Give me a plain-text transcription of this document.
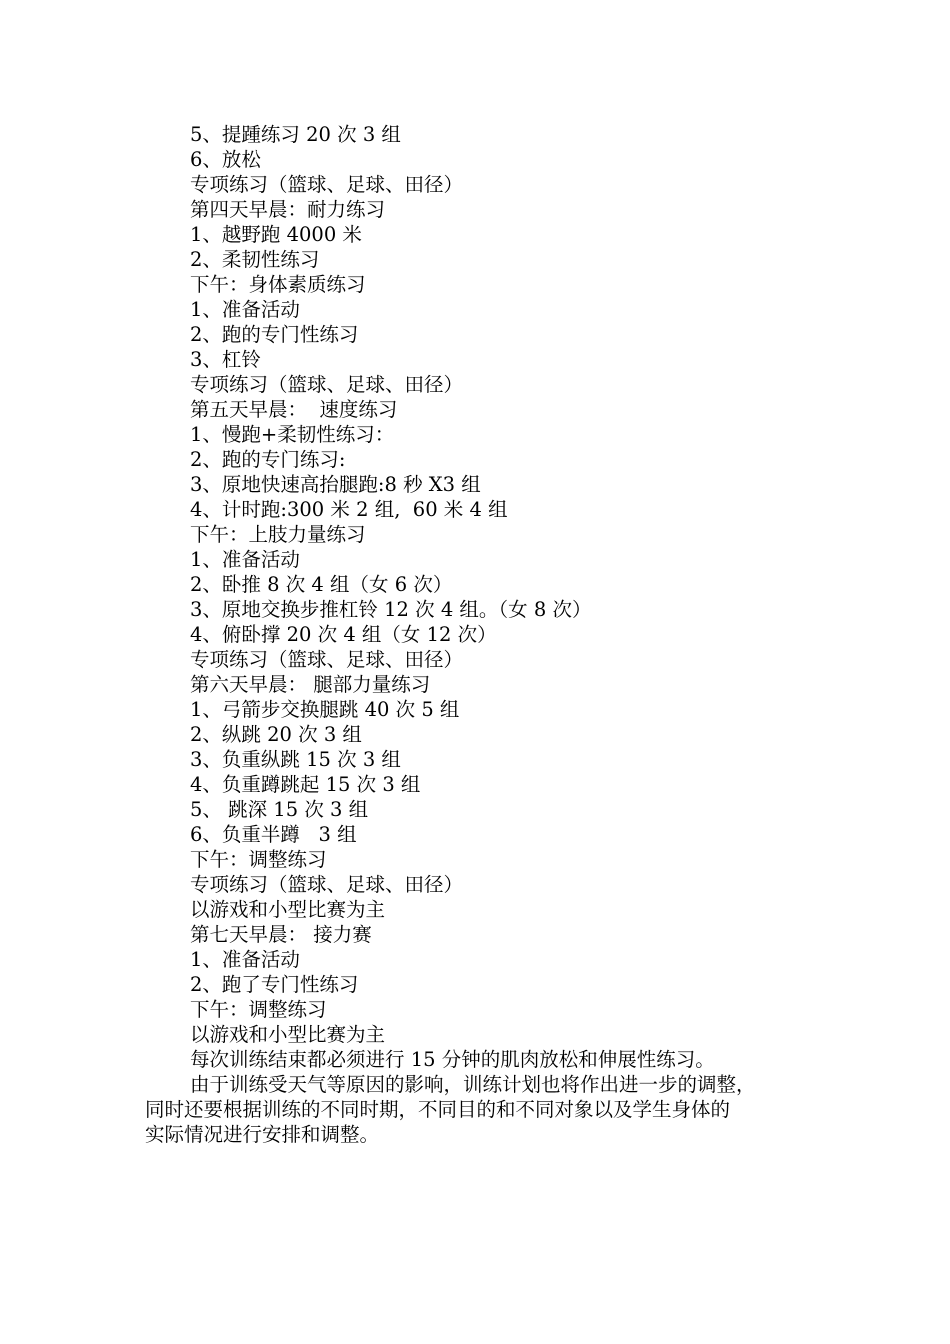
5、提踵练习 20 次 3 组
6、放松
专项练习（篮球、足球、田径）
第四天早晨：耐力练习
1、越野跑 4000 米
2、柔韧性练习
下午：身体素质练习
1、准备活动
2、跑的专门性练习
3、杠铃
专项练习（篮球、足球、田径）
第五天早晨：  速度练习
1、慢跑+柔韧性练习：
2、跑的专门练习:
3、原地快速高抬腿跑:8 秒 X3 组
4、计时跑:300 米 2 组,  60 米 4 组
下午：上肢力量练习
1、准备活动
2、卧推 8 次 4 组（女 6 次）
3、原地交换步推杠铃 12 次 4 组。（女 8 次）
4、俯卧撑 20 次 4 组（女 12 次）
专项练习（篮球、足球、田径）
第六天早晨： 腿部力量练习
1、弓箭步交换腿跳 40 次 5 组
2、纵跳 20 次 3 组
3、负重纵跳 15 次 3 组
4、负重蹲跳起 15 次 3 组
5、 跳深 15 次 3 组
6、负重半蹲   3 组
下午：调整练习
专项练习（篮球、足球、田径）
以游戏和小型比赛为主
第七天早晨： 接力赛
1、准备活动
2、跑了专门性练习
下午：调整练习
以游戏和小型比赛为主
每次训练结束都必须进行 15 分钟的肌肉放松和伸展性练习。
由于训练受天气等原因的影响，训练计划也将作出进一步的调整，
同时还要根据训练的不同时期，不同目的和不同对象以及学生身体的
实际情况进行安排和调整。
